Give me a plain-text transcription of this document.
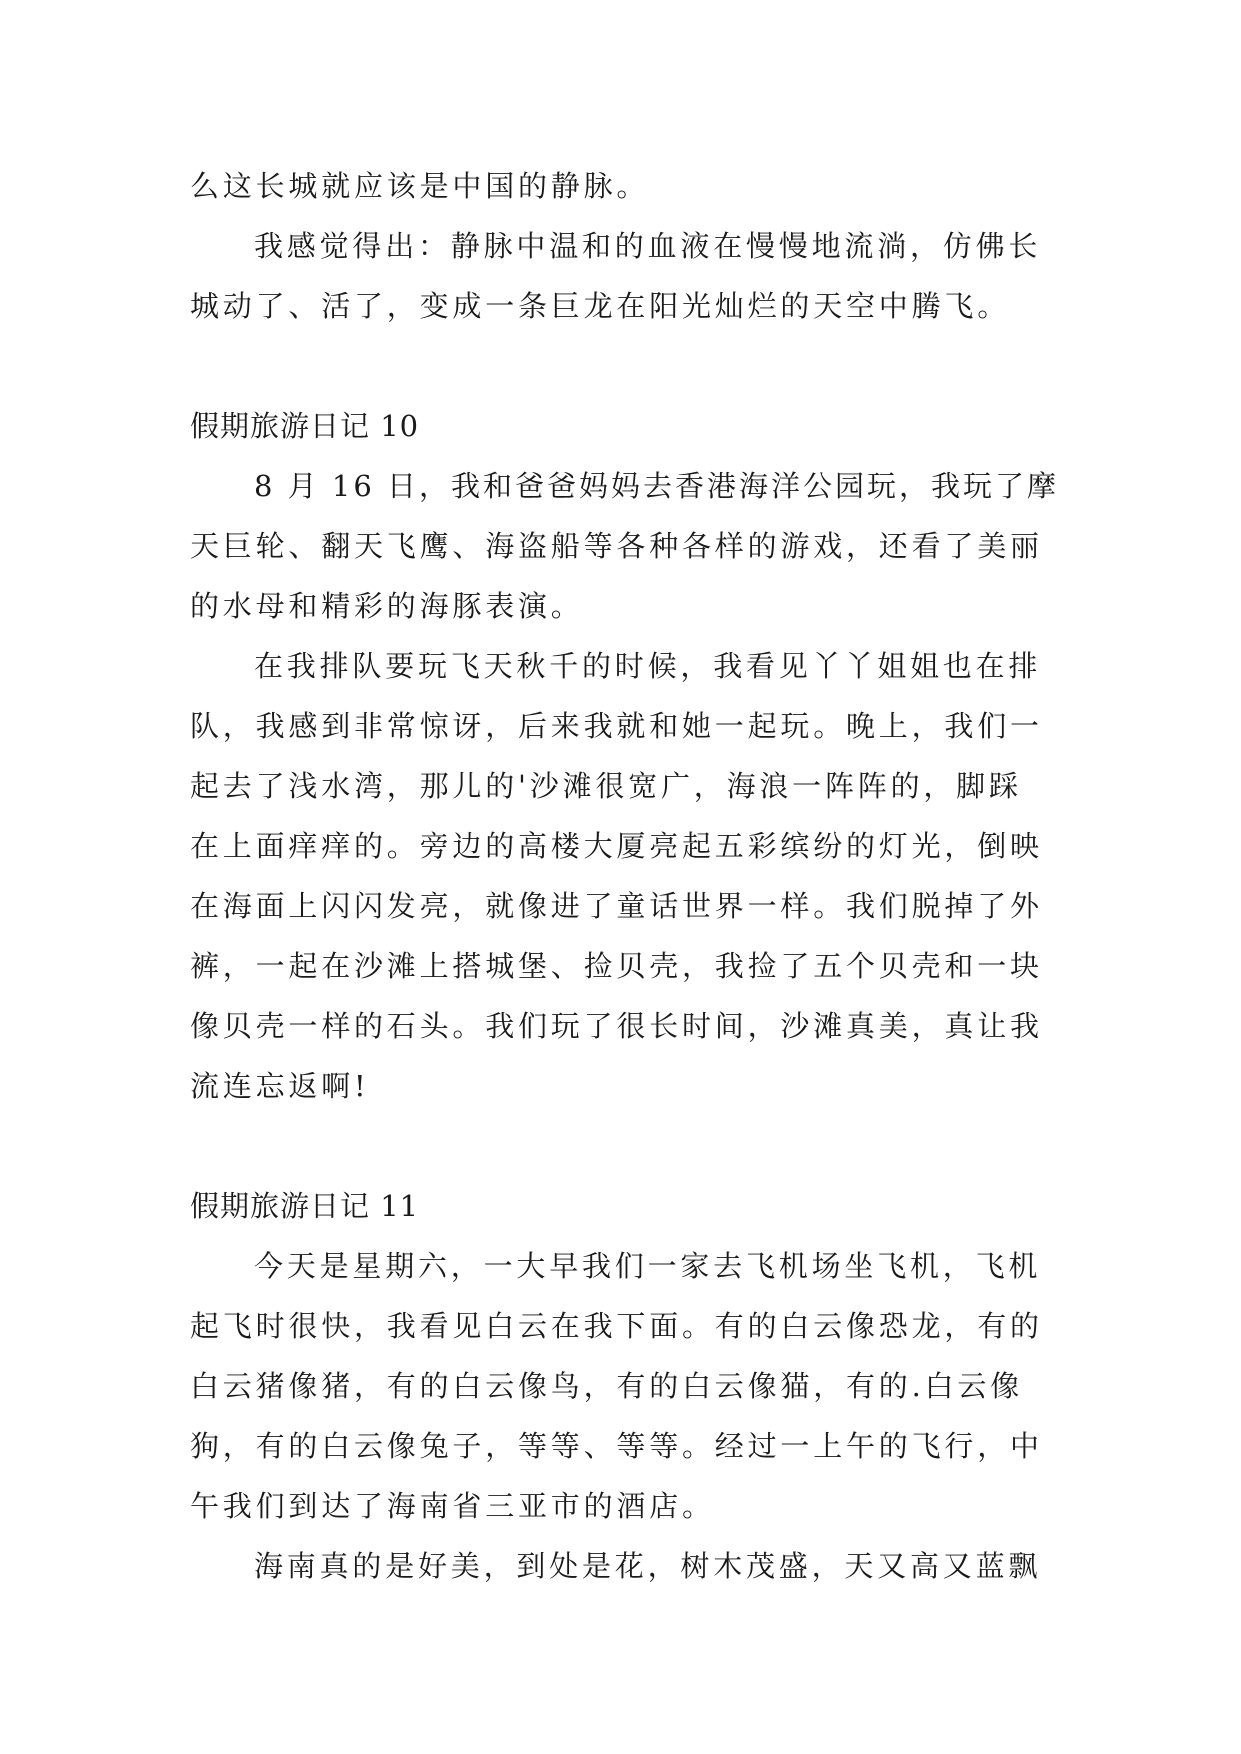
么这长城就应该是中国的静脉。

我感觉得出：静脉中温和的血液在慢慢地流淌，仿佛长

城动了、活了，变成一条巨龙在阳光灿烂的天空中腾飞。

假期旅游日记 10

8 月 16 日，我和爸爸妈妈去香港海洋公园玩，我玩了摩

天巨轮、翻天飞鹰、海盗船等各种各样的游戏，还看了美丽

的水母和精彩的海豚表演。

在我排队要玩飞天秋千的时候，我看见丫丫姐姐也在排

队，我感到非常惊讶，后来我就和她一起玩。晚上，我们一

起去了浅水湾，那儿的'沙滩很宽广，海浪一阵阵的，脚踩

在上面痒痒的。旁边的高楼大厦亮起五彩缤纷的灯光，倒映

在海面上闪闪发亮，就像进了童话世界一样。我们脱掉了外

裤，一起在沙滩上搭城堡、捡贝壳，我捡了五个贝壳和一块

像贝壳一样的石头。我们玩了很长时间，沙滩真美，真让我

流连忘返啊!

假期旅游日记 11

今天是星期六，一大早我们一家去飞机场坐飞机，飞机

起飞时很快，我看见白云在我下面。有的白云像恐龙，有的

白云猪像猪，有的白云像鸟，有的白云像猫，有的.白云像

狗，有的白云像兔子，等等、等等。经过一上午的飞行，中

午我们到达了海南省三亚市的酒店。

海南真的是好美，到处是花，树木茂盛，天又高又蓝飘
